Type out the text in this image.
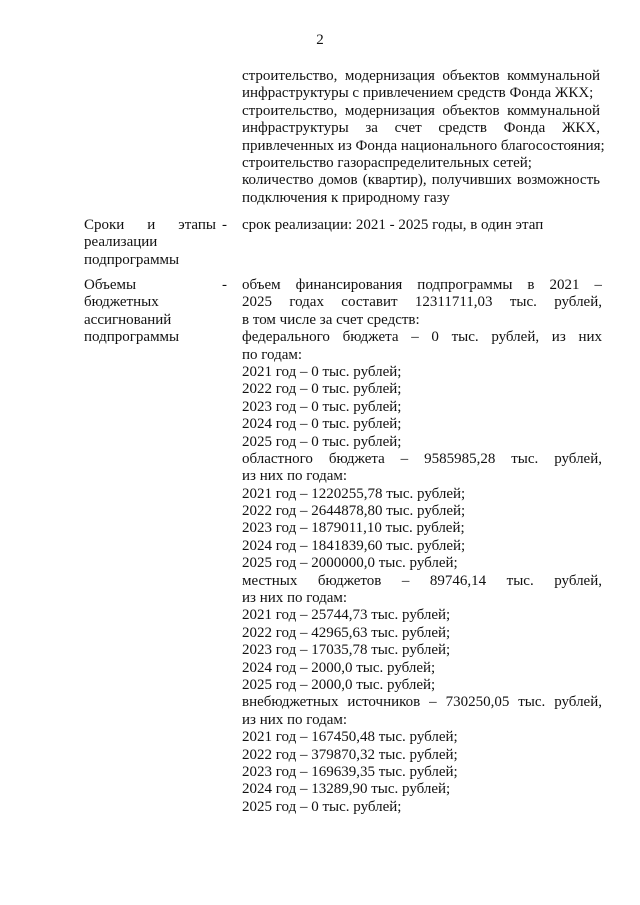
2
строительство, модернизация объектов коммунальной
инфраструктуры с привлечением средств Фонда ЖКХ;
строительство, модернизация объектов коммунальной
инфраструктуры за счет средств Фонда ЖКХ,
привлеченных из Фонда национального благосостояния;
строительство газораспределительных сетей;
количество домов (квартир), получивших возможность
подключения к природному газу
Сроки и этапы
реализации
подпрограммы
- срок реализации: 2021 - 2025 годы, в один этап
Объемы
бюджетных
ассигнований
подпрограммы
- объем финансирования подпрограммы в 2021 –
2025 годах составит 12311711,03 тыс. рублей,
в том числе за счет средств:
федерального бюджета – 0 тыс. рублей, из них
по годам:
2021 год – 0 тыс. рублей;
2022 год – 0 тыс. рублей;
2023 год – 0 тыс. рублей;
2024 год – 0 тыс. рублей;
2025 год – 0 тыс. рублей;
областного бюджета – 9585985,28 тыс. рублей,
из них по годам:
2021 год – 1220255,78 тыс. рублей;
2022 год – 2644878,80 тыс. рублей;
2023 год – 1879011,10 тыс. рублей;
2024 год – 1841839,60 тыс. рублей;
2025 год – 2000000,0 тыс. рублей;
местных бюджетов – 89746,14 тыс. рублей,
из них по годам:
2021 год – 25744,73 тыс. рублей;
2022 год – 42965,63 тыс. рублей;
2023 год – 17035,78 тыс. рублей;
2024 год – 2000,0 тыс. рублей;
2025 год – 2000,0 тыс. рублей;
внебюджетных источников – 730250,05 тыс. рублей,
из них по годам:
2021 год – 167450,48 тыс. рублей;
2022 год – 379870,32 тыс. рублей;
2023 год – 169639,35 тыс. рублей;
2024 год – 13289,90 тыс. рублей;
2025 год – 0 тыс. рублей;
